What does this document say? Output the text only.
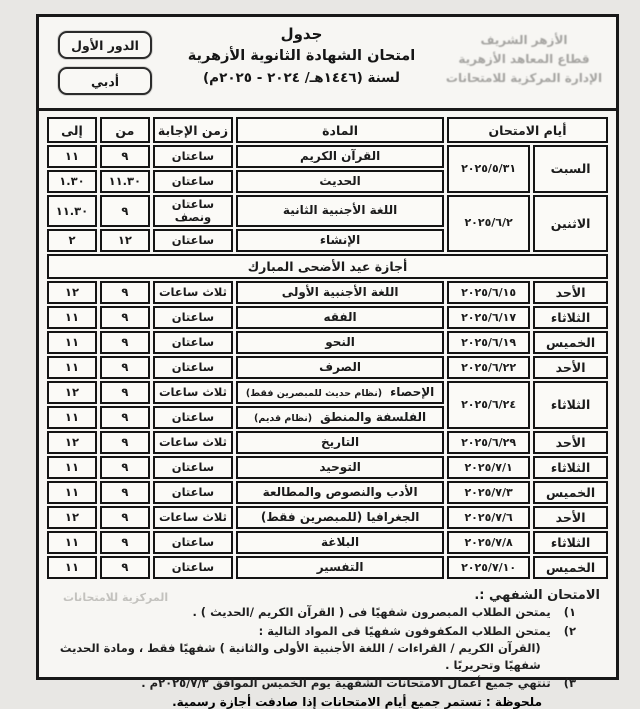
الأزهر الشريف
قطاع المعاهد الأزهرية
الإدارة المركزية للامتحانات
جدول
امتحان الشهادة الثانوية الأزهرية
لسنة (١٤٤٦هـ/ ٢٠٢٤ - ٢٠٢٥م)
الدور الأول
أدبي
أيام الامتحان		المادة	زمن الإجابة	من	إلى
السبت	٢٠٢٥/٥/٣١	القرآن الكريم	ساعتان	٩	١١
		الحديث	ساعتان	١١.٣٠	١.٣٠
الاثنين	٢٠٢٥/٦/٢	اللغة الأجنبية الثانية	ساعتان ونصف	٩	١١.٣٠
		الإنشاء	ساعتان	١٢	٢
أجازة عيد الأضحى المبارك					
الأحد	٢٠٢٥/٦/١٥	اللغة الأجنبية الأولى	ثلاث ساعات	٩	١٢
الثلاثاء	٢٠٢٥/٦/١٧	الفقه	ساعتان	٩	١١
الخميس	٢٠٢٥/٦/١٩	النحو	ساعتان	٩	١١
الأحد	٢٠٢٥/٦/٢٢	الصرف	ساعتان	٩	١١
الثلاثاء	٢٠٢٥/٦/٢٤	الإحصاء(نظام حديث للمبصرين فقط)	ثلاث ساعات	٩	١٢
		الفلسفة والمنطق(نظام قديم)	ساعتان	٩	١١
الأحد	٢٠٢٥/٦/٢٩	التاريخ	ثلاث ساعات	٩	١٢
الثلاثاء	٢٠٢٥/٧/١	التوحيد	ساعتان	٩	١١
الخميس	٢٠٢٥/٧/٣	الأدب والنصوص والمطالعة	ساعتان	٩	١١
الأحد	٢٠٢٥/٧/٦	الجغرافيا (للمبصرين فقط)	ثلاث ساعات	٩	١٢
الثلاثاء	٢٠٢٥/٧/٨	البلاغة	ساعتان	٩	١١
الخميس	٢٠٢٥/٧/١٠	التفسير	ساعتان	٩	١١
الامتحان الشفهي :.
المركزية للامتحانات
١)
يمتحن الطلاب المبصرون شفهيًا فى ( القرآن الكريم /الحديث ) .
٢)
يمتحن الطلاب المكفوفون شفهيًا فى المواد التالية :
(القرآن الكريم / القراءات / اللغة الأجنبية الأولى والثانية ) شفهيًا فقط ، ومادة الحديث شفهيًا وتحريريًا .
٣)
تنتهي جميع أعمال الامتحانات الشفهية يوم الخميس الموافق ٢٠٢٥/٧/٣م .
ملحوظة : تستمر جميع أيام الامتحانات إذا صادفت أجازة رسمية.
